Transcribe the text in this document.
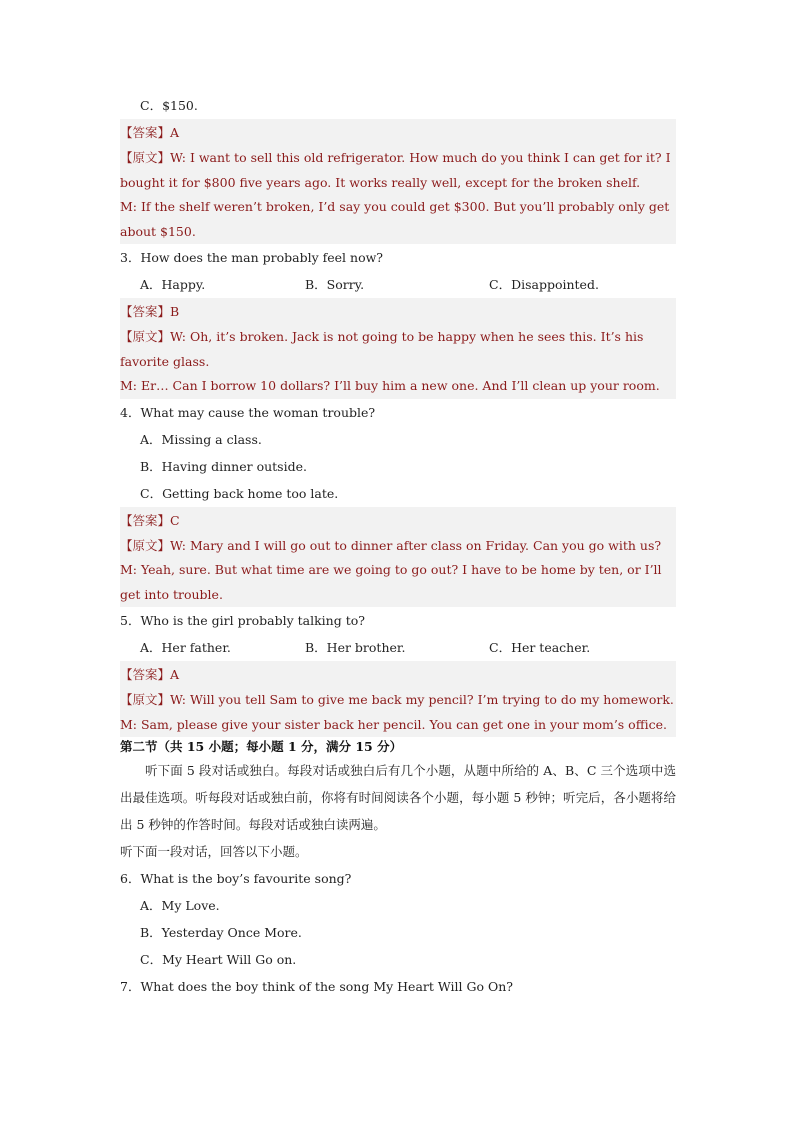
C．$150.
【答案】A
【原文】W: I want to sell this old refrigerator. How much do you think I can get for it? I bought it for $800 five years ago. It works really well, except for the broken shelf.
M: If the shelf weren’t broken, I’d say you could get $300. But you’ll probably only get about $150.
3．How does the man probably feel now?
A．Happy.	B．Sorry.	C．Disappointed.
【答案】B
【原文】W: Oh, it’s broken. Jack is not going to be happy when he sees this. It’s his favorite glass.
M: Er… Can I borrow 10 dollars? I’ll buy him a new one. And I’ll clean up your room.
4．What may cause the woman trouble?
A．Missing a class.
B．Having dinner outside.
C．Getting back home too late.
【答案】C
【原文】W: Mary and I will go out to dinner after class on Friday. Can you go with us?
M: Yeah, sure. But what time are we going to go out? I have to be home by ten, or I’ll get into trouble.
5．Who is the girl probably talking to?
A．Her father.	B．Her brother.	C．Her teacher.
【答案】A
【原文】W: Will you tell Sam to give me back my pencil? I’m trying to do my homework.
M: Sam, please give your sister back her pencil. You can get one in your mom’s office.
第二节（共 15 小题；每小题 1 分，满分 15 分）
听下面 5 段对话或独白。每段对话或独白后有几个小题，从题中所给的 A、B、C 三个选项中选出最佳选项。听每段对话或独白前，你将有时间阅读各个小题，每小题 5 秒钟；听完后，各小题将给出 5 秒钟的作答时间。每段对话或独白读两遍。
听下面一段对话，回答以下小题。
6．What is the boy’s favourite song?
A．My Love.
B．Yesterday Once More.
C．My Heart Will Go on.
7．What does the boy think of the song My Heart Will Go On?
